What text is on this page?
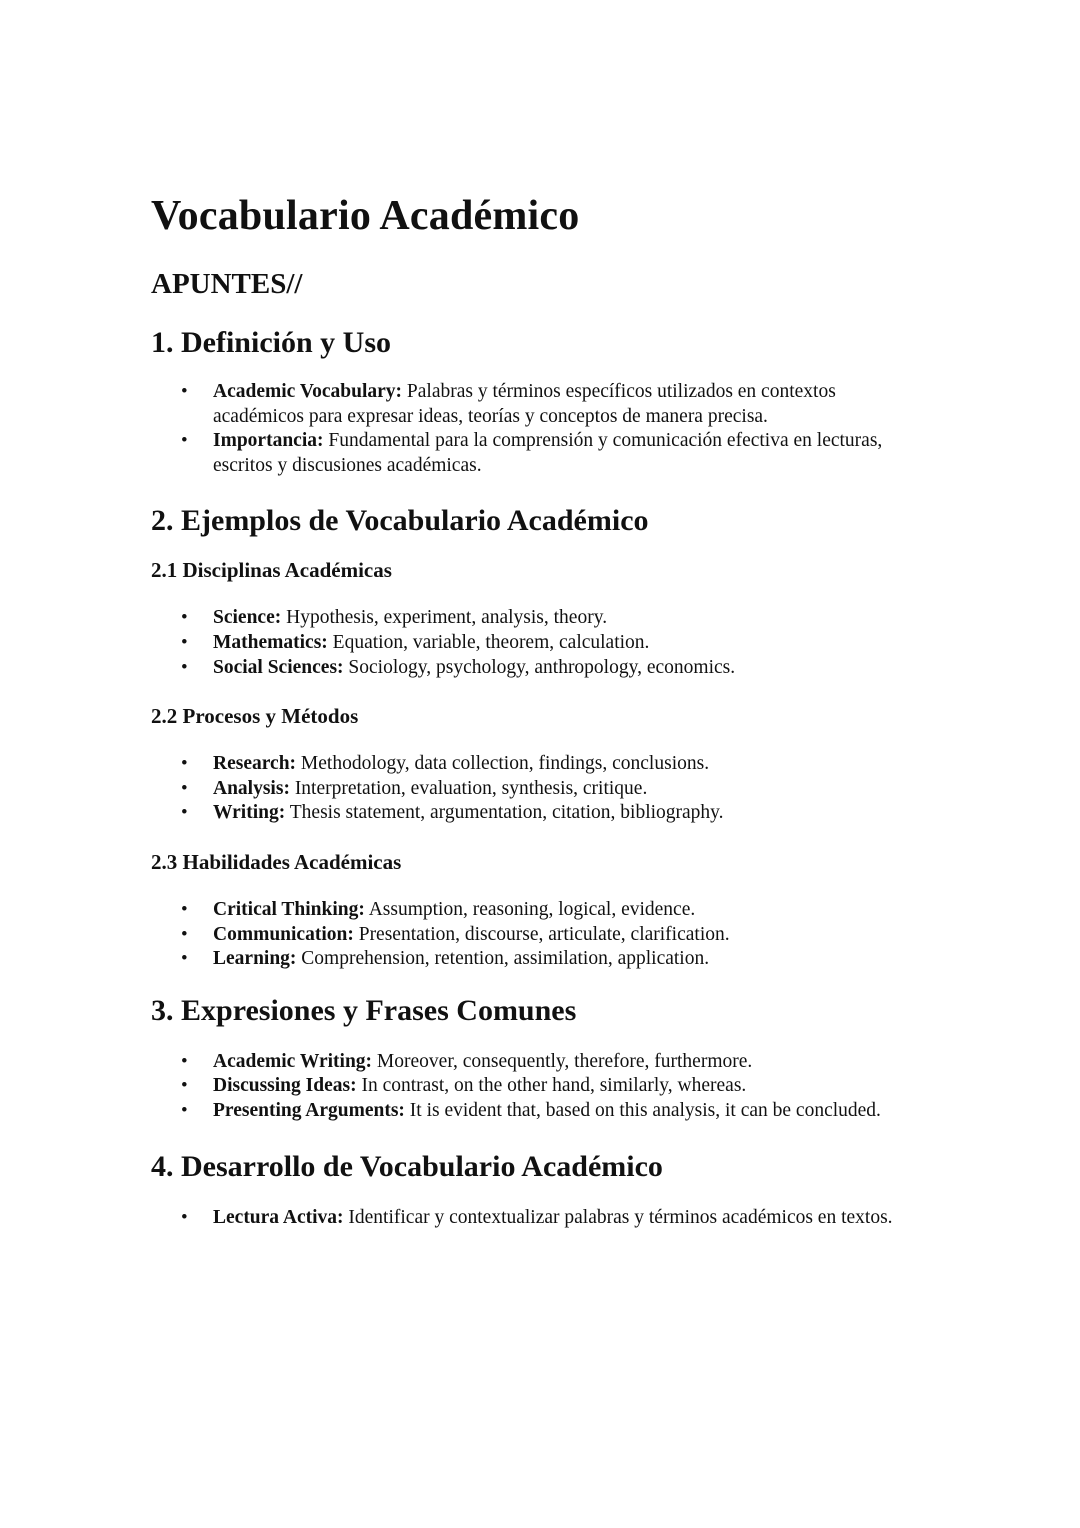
Vocabulario Académico
APUNTES//
1. Definición y Uso
• Academic Vocabulary: Palabras y términos específicos utilizados en contextos académicos para expresar ideas, teorías y conceptos de manera precisa.
• Importancia: Fundamental para la comprensión y comunicación efectiva en lecturas, escritos y discusiones académicas.
2. Ejemplos de Vocabulario Académico
2.1 Disciplinas Académicas
• Science: Hypothesis, experiment, analysis, theory.
• Mathematics: Equation, variable, theorem, calculation.
• Social Sciences: Sociology, psychology, anthropology, economics.
2.2 Procesos y Métodos
• Research: Methodology, data collection, findings, conclusions.
• Analysis: Interpretation, evaluation, synthesis, critique.
• Writing: Thesis statement, argumentation, citation, bibliography.
2.3 Habilidades Académicas
• Critical Thinking: Assumption, reasoning, logical, evidence.
• Communication: Presentation, discourse, articulate, clarification.
• Learning: Comprehension, retention, assimilation, application.
3. Expresiones y Frases Comunes
• Academic Writing: Moreover, consequently, therefore, furthermore.
• Discussing Ideas: In contrast, on the other hand, similarly, whereas.
• Presenting Arguments: It is evident that, based on this analysis, it can be concluded.
4. Desarrollo de Vocabulario Académico
• Lectura Activa: Identificar y contextualizar palabras y términos académicos en textos.
